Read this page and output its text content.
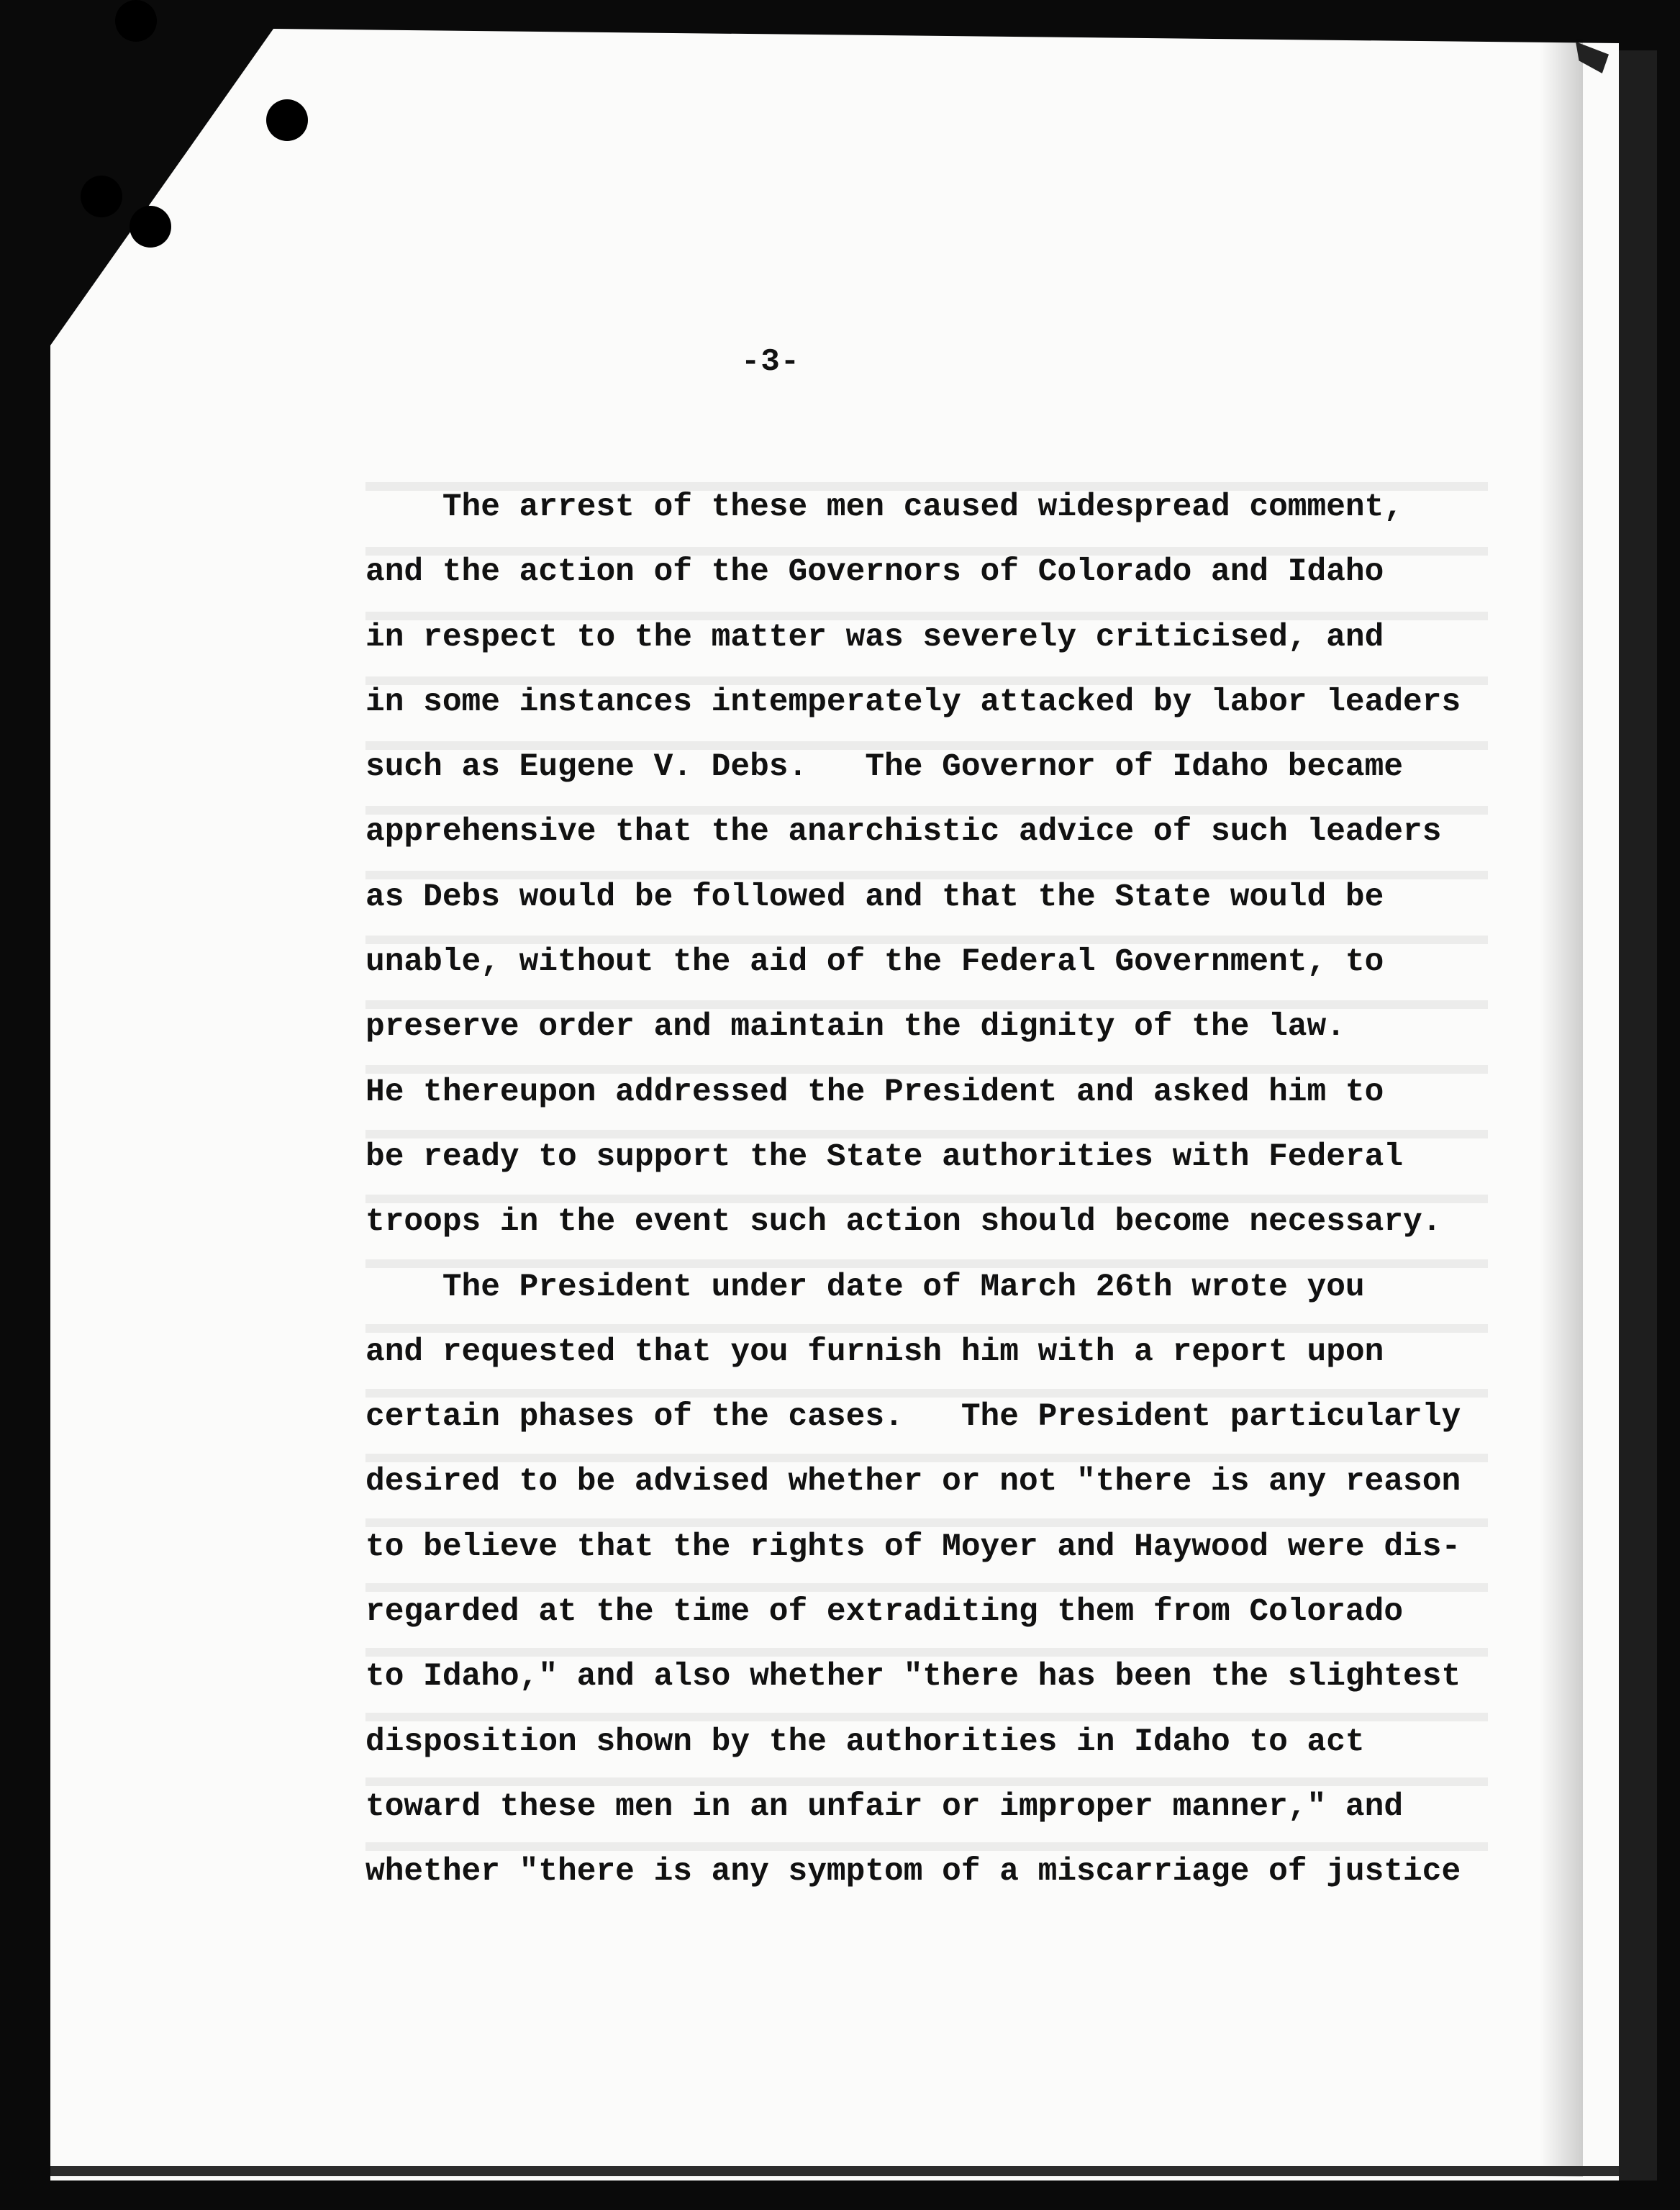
-3-
The arrest of these men caused widespread comment,
and the action of the Governors of Colorado and Idaho
in respect to the matter was severely criticised, and
in some instances intemperately attacked by labor leaders
such as Eugene V. Debs.   The Governor of Idaho became
apprehensive that the anarchistic advice of such leaders
as Debs would be followed and that the State would be
unable, without the aid of the Federal Government, to
preserve order and maintain the dignity of the law.
He thereupon addressed the President and asked him to
be ready to support the State authorities with Federal
troops in the event such action should become necessary.
The President under date of March 26th wrote you
and requested that you furnish him with a report upon
certain phases of the cases.   The President particularly
desired to be advised whether or not "there is any reason
to believe that the rights of Moyer and Haywood were dis-
regarded at the time of extraditing them from Colorado
to Idaho," and also whether "there has been the slightest
disposition shown by the authorities in Idaho to act
toward these men in an unfair or improper manner," and
whether "there is any symptom of a miscarriage of justice
